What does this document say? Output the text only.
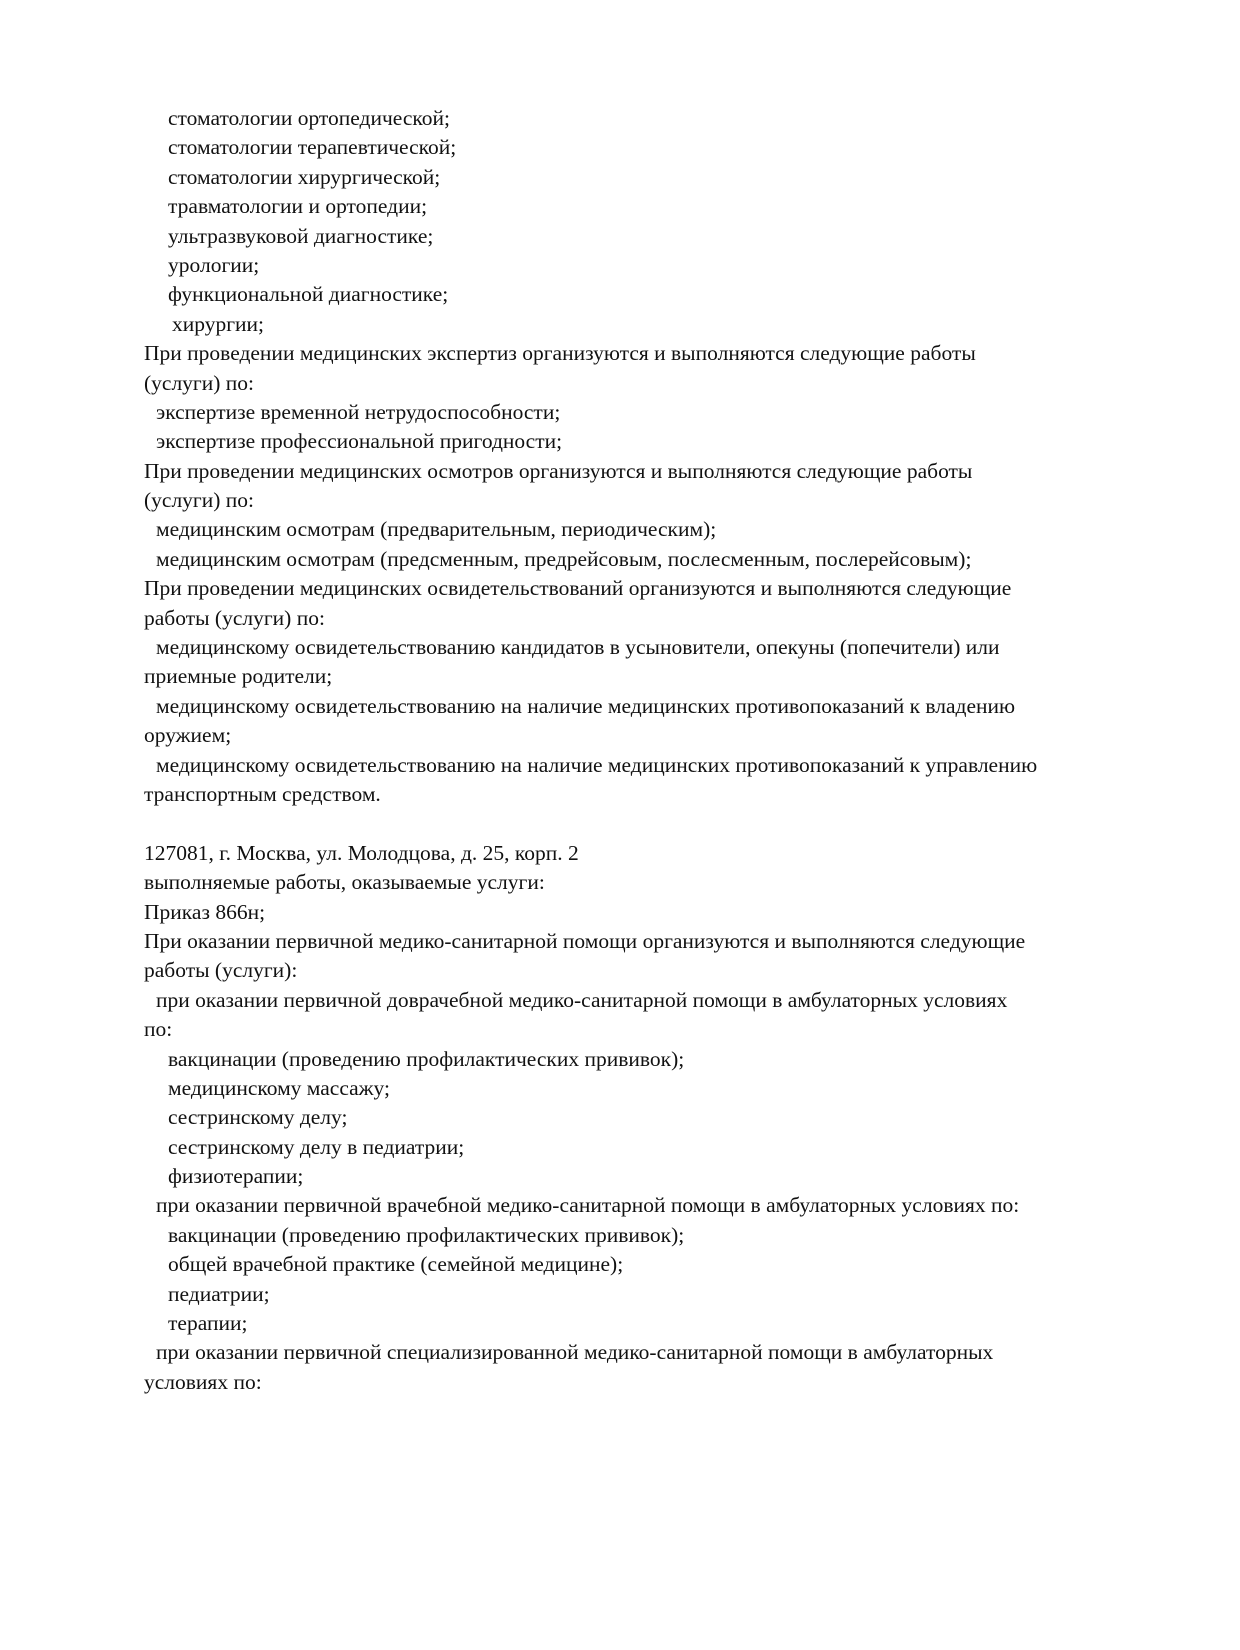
стоматологии ортопедической;
стоматологии терапевтической;
стоматологии хирургической;
травматологии и ортопедии;
ультразвуковой диагностике;
урологии;
функциональной диагностике;
хирургии;
При проведении медицинских экспертиз организуются и выполняются следующие работы
(услуги) по:
экспертизе временной нетрудоспособности;
экспертизе профессиональной пригодности;
При проведении медицинских осмотров организуются и выполняются следующие работы
(услуги) по:
медицинским осмотрам (предварительным, периодическим);
медицинским осмотрам (предсменным, предрейсовым, послесменным, послерейсовым);
При проведении медицинских освидетельствований организуются и выполняются следующие
работы (услуги) по:
медицинскому освидетельствованию кандидатов в усыновители, опекуны (попечители) или
приемные родители;
медицинскому освидетельствованию на наличие медицинских противопоказаний к владению
оружием;
медицинскому освидетельствованию на наличие медицинских противопоказаний к управлению
транспортным средством.
127081, г. Москва, ул. Молодцова, д. 25, корп. 2
выполняемые работы, оказываемые услуги:
Приказ 866н;
При оказании первичной медико-санитарной помощи организуются и выполняются следующие
работы (услуги):
при оказании первичной доврачебной медико-санитарной помощи в амбулаторных условиях
по:
вакцинации (проведению профилактических прививок);
медицинскому массажу;
сестринскому делу;
сестринскому делу в педиатрии;
физиотерапии;
при оказании первичной врачебной медико-санитарной помощи в амбулаторных условиях по:
вакцинации (проведению профилактических прививок);
общей врачебной практике (семейной медицине);
педиатрии;
терапии;
при оказании первичной специализированной медико-санитарной помощи в амбулаторных
условиях по:
